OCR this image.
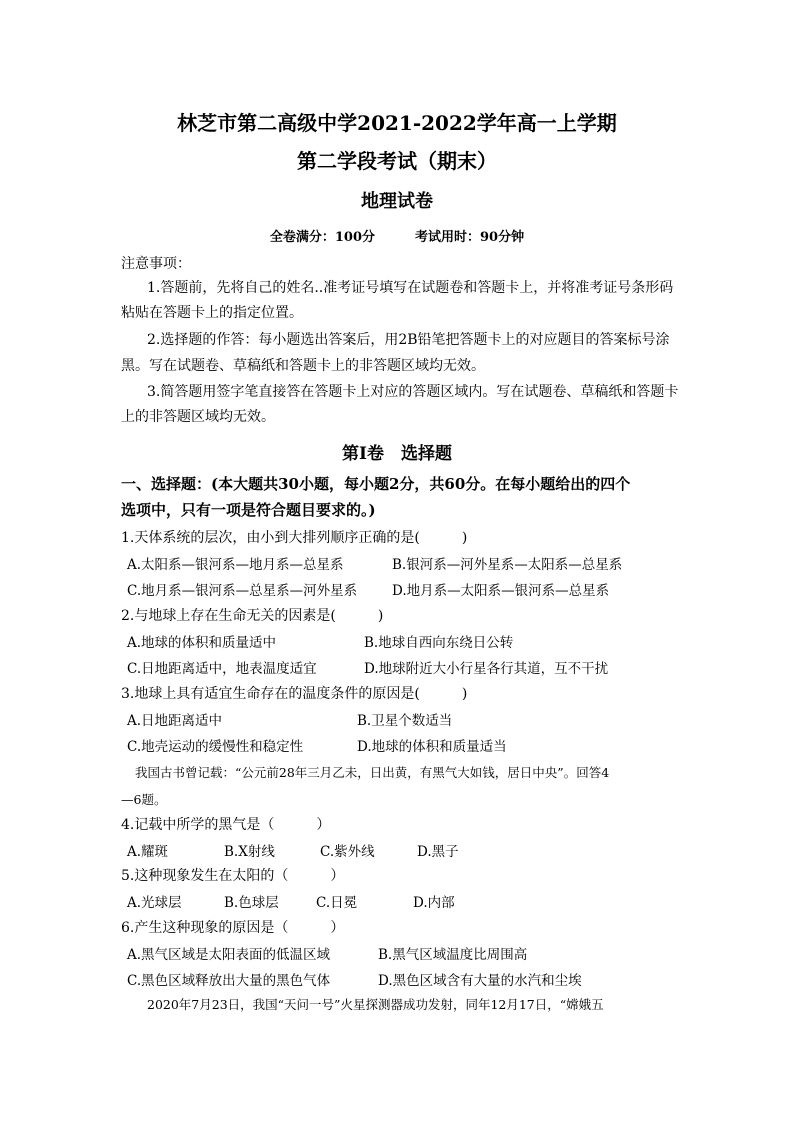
林芝市第二高级中学2021-2022学年高一上学期
第二学段考试（期末）
地理试卷
全卷满分：100分	考试用时：90分钟
注意事项：
1.答题前，先将自己的姓名..准考证号填写在试题卷和答题卡上，并将准考证号条形码
粘贴在答题卡上的指定位置。
2.选择题的作答：每小题选出答案后，用2B铅笔把答题卡上的对应题目的答案标号涂
黑。写在试题卷、草稿纸和答题卡上的非答题区域均无效。
3.简答题用签字笔直接答在答题卡上对应的答题区域内。写在试题卷、草稿纸和答题卡
上的非答题区域均无效。
第Ⅰ卷　选择题
一、选择题：(本大题共30小题，每小题2分，共60分。在每小题给出的四个
选项中，只有一项是符合题目要求的。)
1.天体系统的层次，由小到大排列顺序正确的是(　　　)
A.太阳系—银河系—地月系—总星系	B.银河系—河外星系—太阳系—总星系
C.地月系—银河系—总星系—河外星系	D.地月系—太阳系—银河系—总星系
2.与地球上存在生命无关的因素是(　　　)
A.地球的体积和质量适中	B.地球自西向东绕日公转
C.日地距离适中，地表温度适宜	D.地球附近大小行星各行其道，互不干扰
3.地球上具有适宜生命存在的温度条件的原因是(　　　)
A.日地距离适中	B.卫星个数适当
C.地壳运动的缓慢性和稳定性	D.地球的体积和质量适当
我国古书曾记载：“公元前28年三月乙未，日出黄，有黑气大如钱，居日中央”。回答4
—6题。
4.记载中所学的黑气是（　　　）
A.耀斑	B.X射线	C.紫外线	D.黑子
5.这种现象发生在太阳的（　　　）
A.光球层	B.色球层	C.日冕	D.内部
6.产生这种现象的原因是（　　　）
A.黑气区域是太阳表面的低温区域	B.黑气区域温度比周围高
C.黑色区域释放出大量的黑色气体	D.黑色区域含有大量的水汽和尘埃
2020年7月23日，我国“天问一号”火星探测器成功发射，同年12月17日，“嫦娥五
